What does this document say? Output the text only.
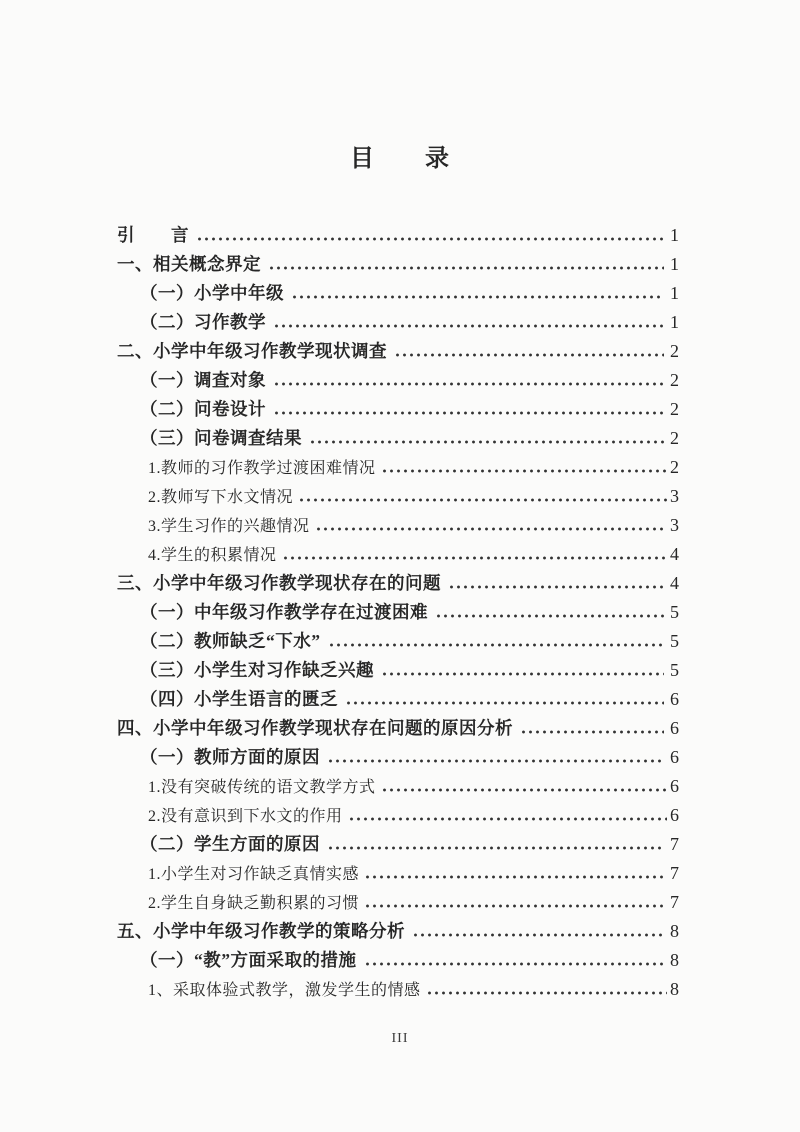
目　　录
引　　言	1
一、相关概念界定	1
（一）小学中年级	1
（二）习作教学	1
二、小学中年级习作教学现状调查	2
（一）调查对象	2
（二）问卷设计	2
（三）问卷调查结果	2
1.教师的习作教学过渡困难情况	2
2.教师写下水文情况	3
3.学生习作的兴趣情况	3
4.学生的积累情况	4
三、小学中年级习作教学现状存在的问题	4
（一）中年级习作教学存在过渡困难	5
（二）教师缺乏“下水”	5
（三）小学生对习作缺乏兴趣	5
（四）小学生语言的匮乏	6
四、小学中年级习作教学现状存在问题的原因分析	6
（一）教师方面的原因	6
1.没有突破传统的语文教学方式	6
2.没有意识到下水文的作用	6
（二）学生方面的原因	7
1.小学生对习作缺乏真情实感	7
2.学生自身缺乏勤积累的习惯	7
五、小学中年级习作教学的策略分析	8
（一）“教”方面采取的措施	8
1、采取体验式教学，激发学生的情感	8
III
